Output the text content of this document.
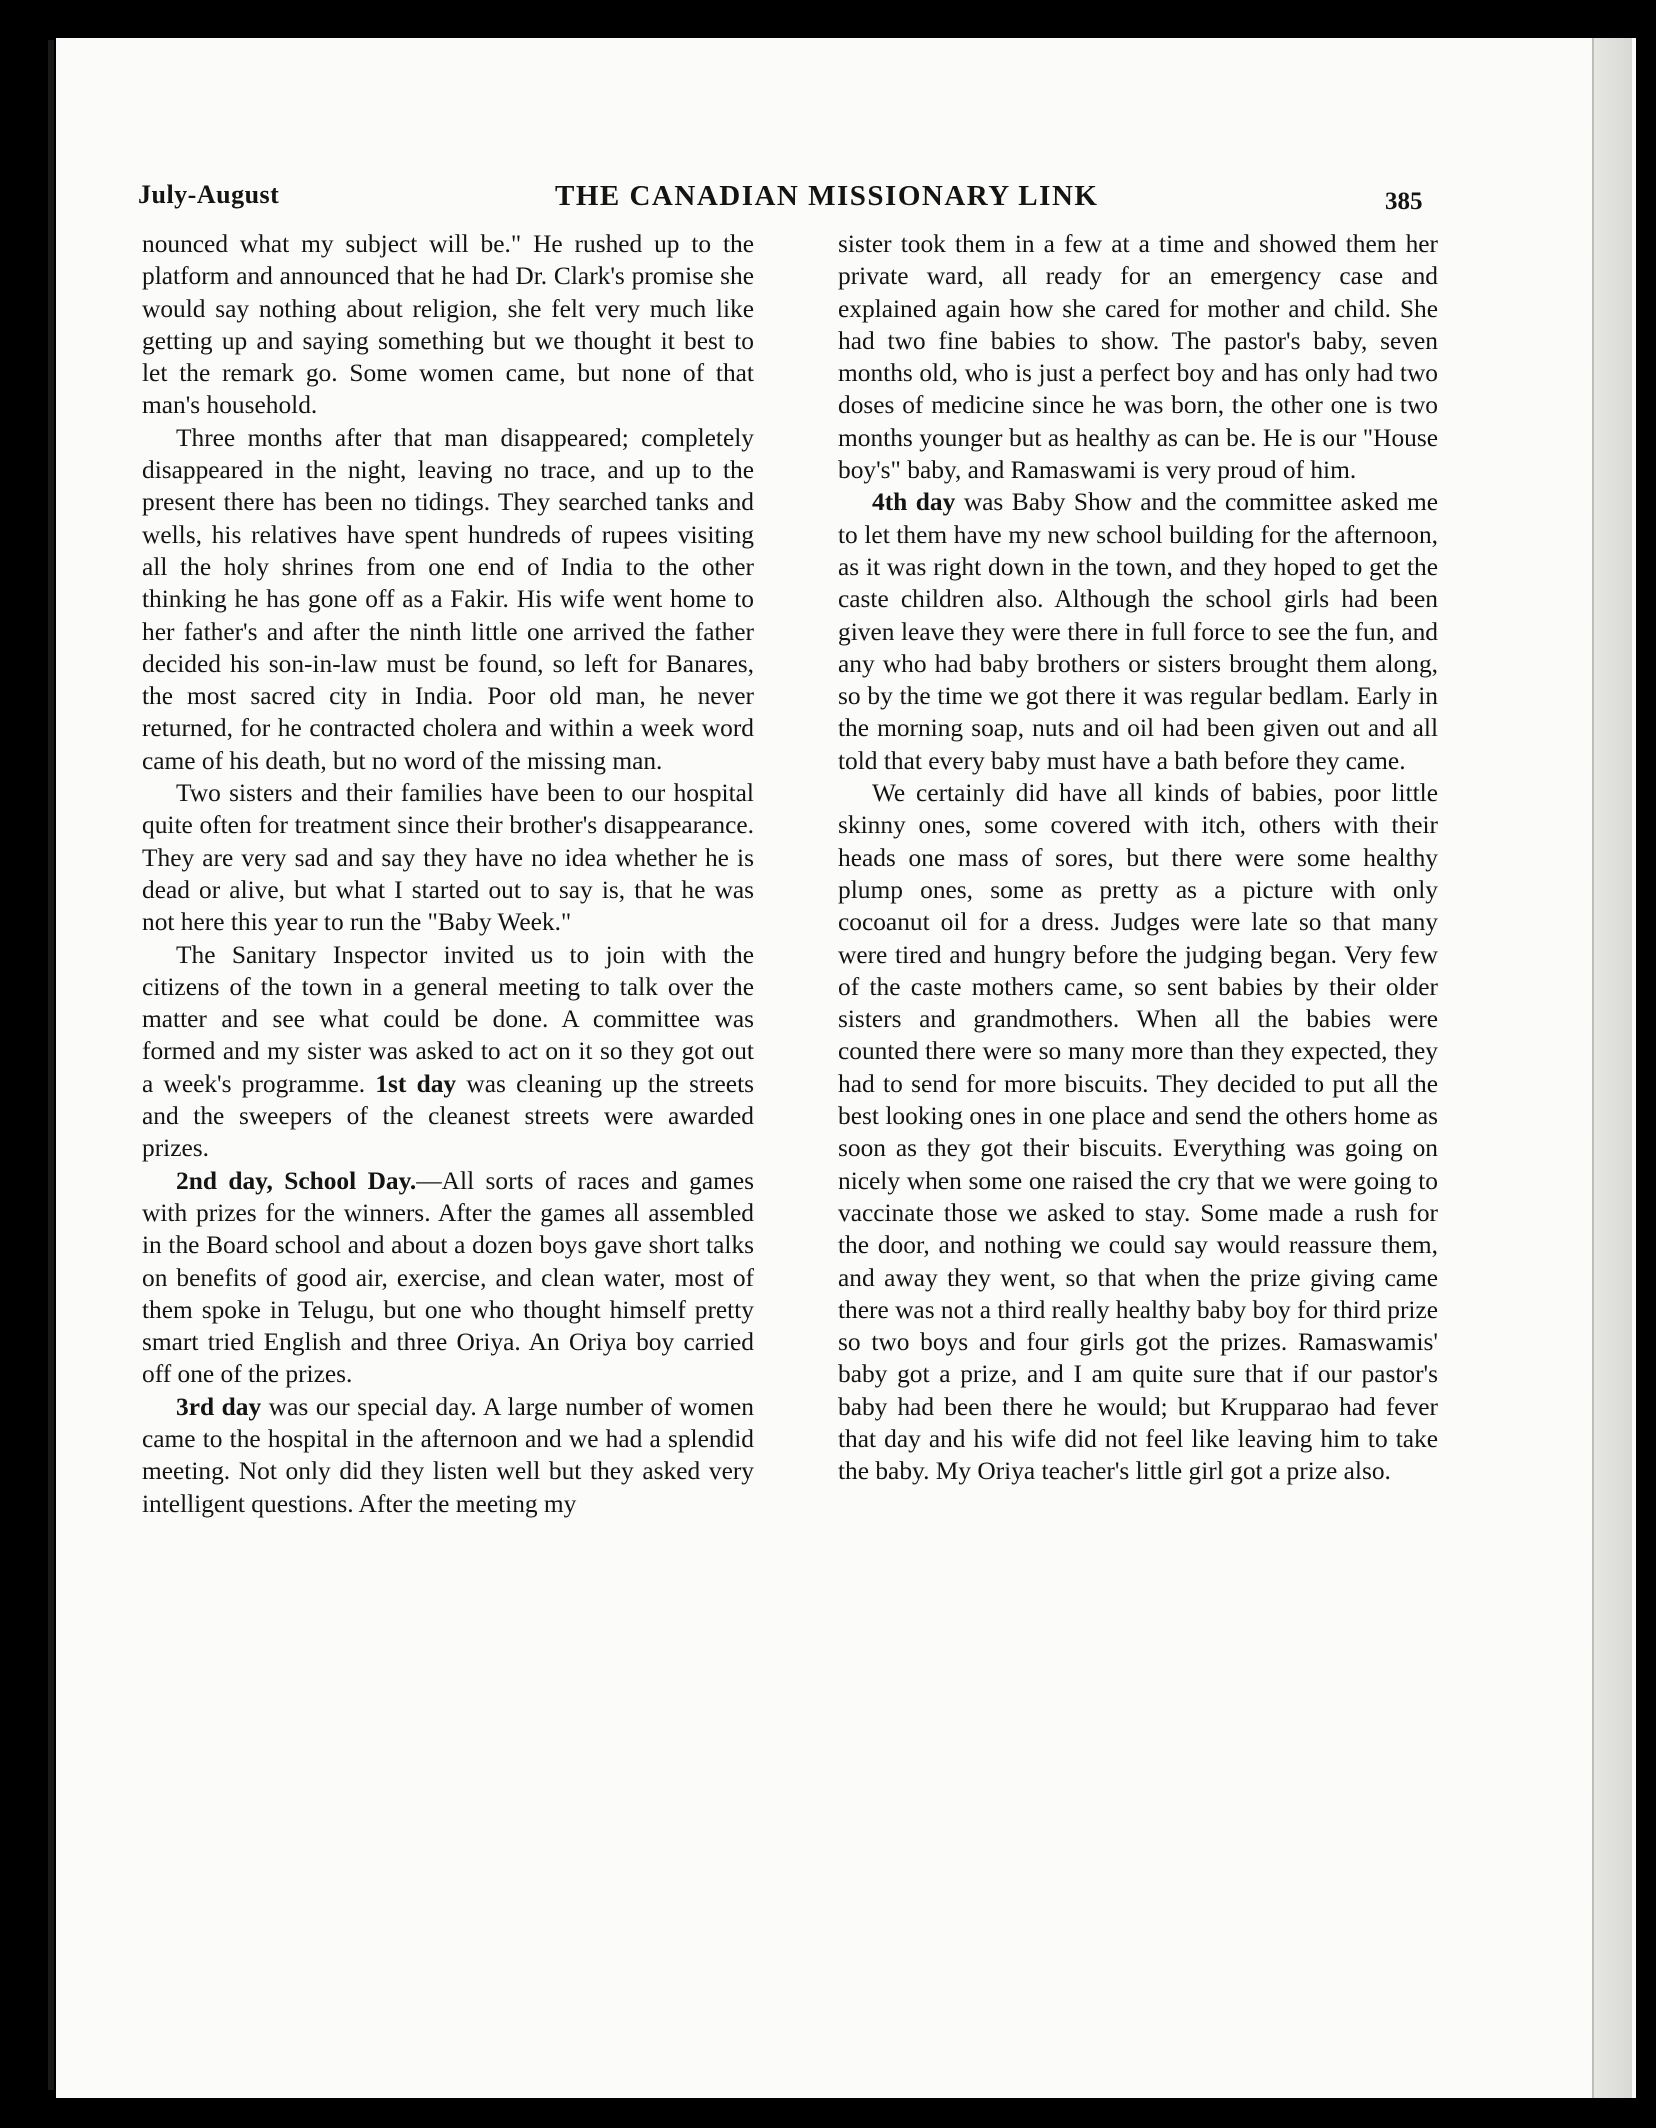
July-August	THE CANADIAN MISSIONARY LINK	385

nounced what my subject will be." He rushed up to the platform and announced that he had Dr. Clark's promise she would say nothing about religion, she felt very much like getting up and saying something but we thought it best to let the remark go. Some women came, but none of that man's household.

Three months after that man disappeared; completely disappeared in the night, leaving no trace, and up to the present there has been no tidings. They searched tanks and wells, his relatives have spent hundreds of rupees visiting all the holy shrines from one end of India to the other thinking he has gone off as a Fakir. His wife went home to her father's and after the ninth little one arrived the father decided his son-in-law must be found, so left for Banares, the most sacred city in India. Poor old man, he never returned, for he contracted cholera and within a week word came of his death, but no word of the missing man.

Two sisters and their families have been to our hospital quite often for treatment since their brother's disappearance. They are very sad and say they have no idea whether he is dead or alive, but what I started out to say is, that he was not here this year to run the "Baby Week."

The Sanitary Inspector invited us to join with the citizens of the town in a general meeting to talk over the matter and see what could be done. A committee was formed and my sister was asked to act on it so they got out a week's programme. 1st day was cleaning up the streets and the sweepers of the cleanest streets were awarded prizes.

2nd day, School Day.—All sorts of races and games with prizes for the winners. After the games all assembled in the Board school and about a dozen boys gave short talks on benefits of good air, exercise, and clean water, most of them spoke in Telugu, but one who thought himself pretty smart tried English and three Oriya. An Oriya boy carried off one of the prizes.

3rd day was our special day. A large number of women came to the hospital in the afternoon and we had a splendid meeting. Not only did they listen well but they asked very intelligent questions. After the meeting my

sister took them in a few at a time and showed them her private ward, all ready for an emergency case and explained again how she cared for mother and child. She had two fine babies to show. The pastor's baby, seven months old, who is just a perfect boy and has only had two doses of medicine since he was born, the other one is two months younger but as healthy as can be. He is our "House boy's" baby, and Ramaswami is very proud of him.

4th day was Baby Show and the committee asked me to let them have my new school building for the afternoon, as it was right down in the town, and they hoped to get the caste children also. Although the school girls had been given leave they were there in full force to see the fun, and any who had baby brothers or sisters brought them along, so by the time we got there it was regular bedlam. Early in the morning soap, nuts and oil had been given out and all told that every baby must have a bath before they came.

We certainly did have all kinds of babies, poor little skinny ones, some covered with itch, others with their heads one mass of sores, but there were some healthy plump ones, some as pretty as a picture with only cocoanut oil for a dress. Judges were late so that many were tired and hungry before the judging began. Very few of the caste mothers came, so sent babies by their older sisters and grandmothers. When all the babies were counted there were so many more than they expected, they had to send for more biscuits. They decided to put all the best looking ones in one place and send the others home as soon as they got their biscuits. Everything was going on nicely when some one raised the cry that we were going to vaccinate those we asked to stay. Some made a rush for the door, and nothing we could say would reassure them, and away they went, so that when the prize giving came there was not a third really healthy baby boy for third prize so two boys and four girls got the prizes. Ramaswamis' baby got a prize, and I am quite sure that if our pastor's baby had been there he would; but Krupparao had fever that day and his wife did not feel like leaving him to take the baby. My Oriya teacher's little girl got a prize also.
